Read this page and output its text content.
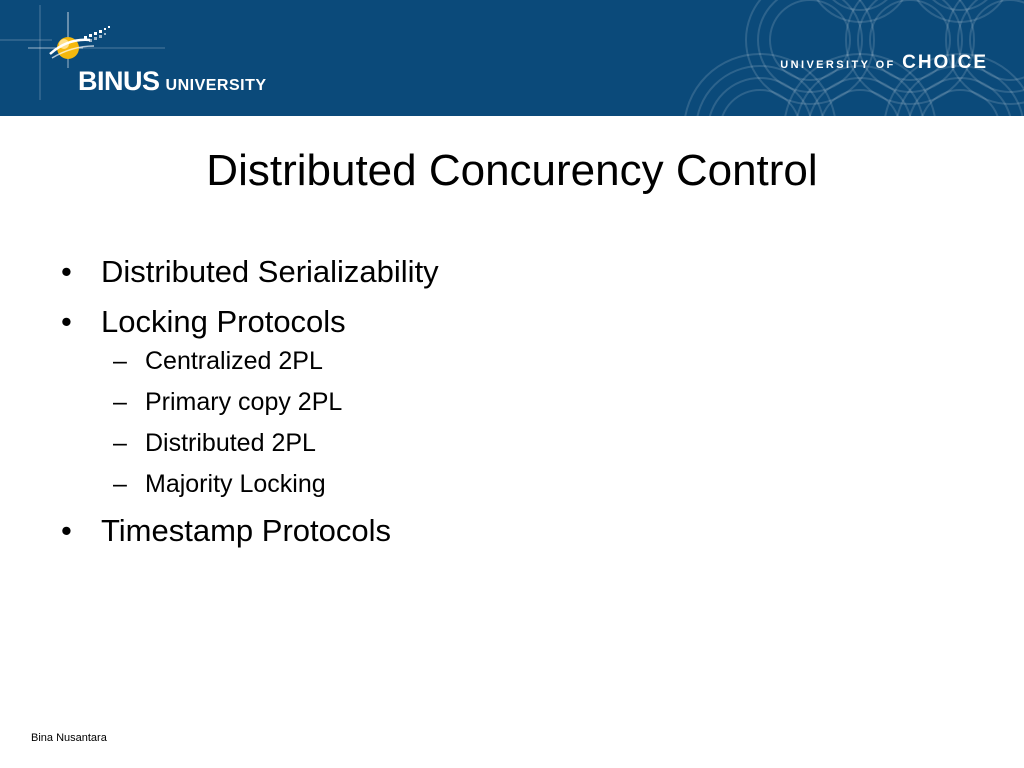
BINUS UNIVERSITY
UNIVERSITY OF CHOICE
Distributed Concurency Control
• Distributed Serializability
• Locking Protocols
– Centralized 2PL
– Primary copy 2PL
– Distributed 2PL
– Majority Locking
• Timestamp Protocols
Bina Nusantara
